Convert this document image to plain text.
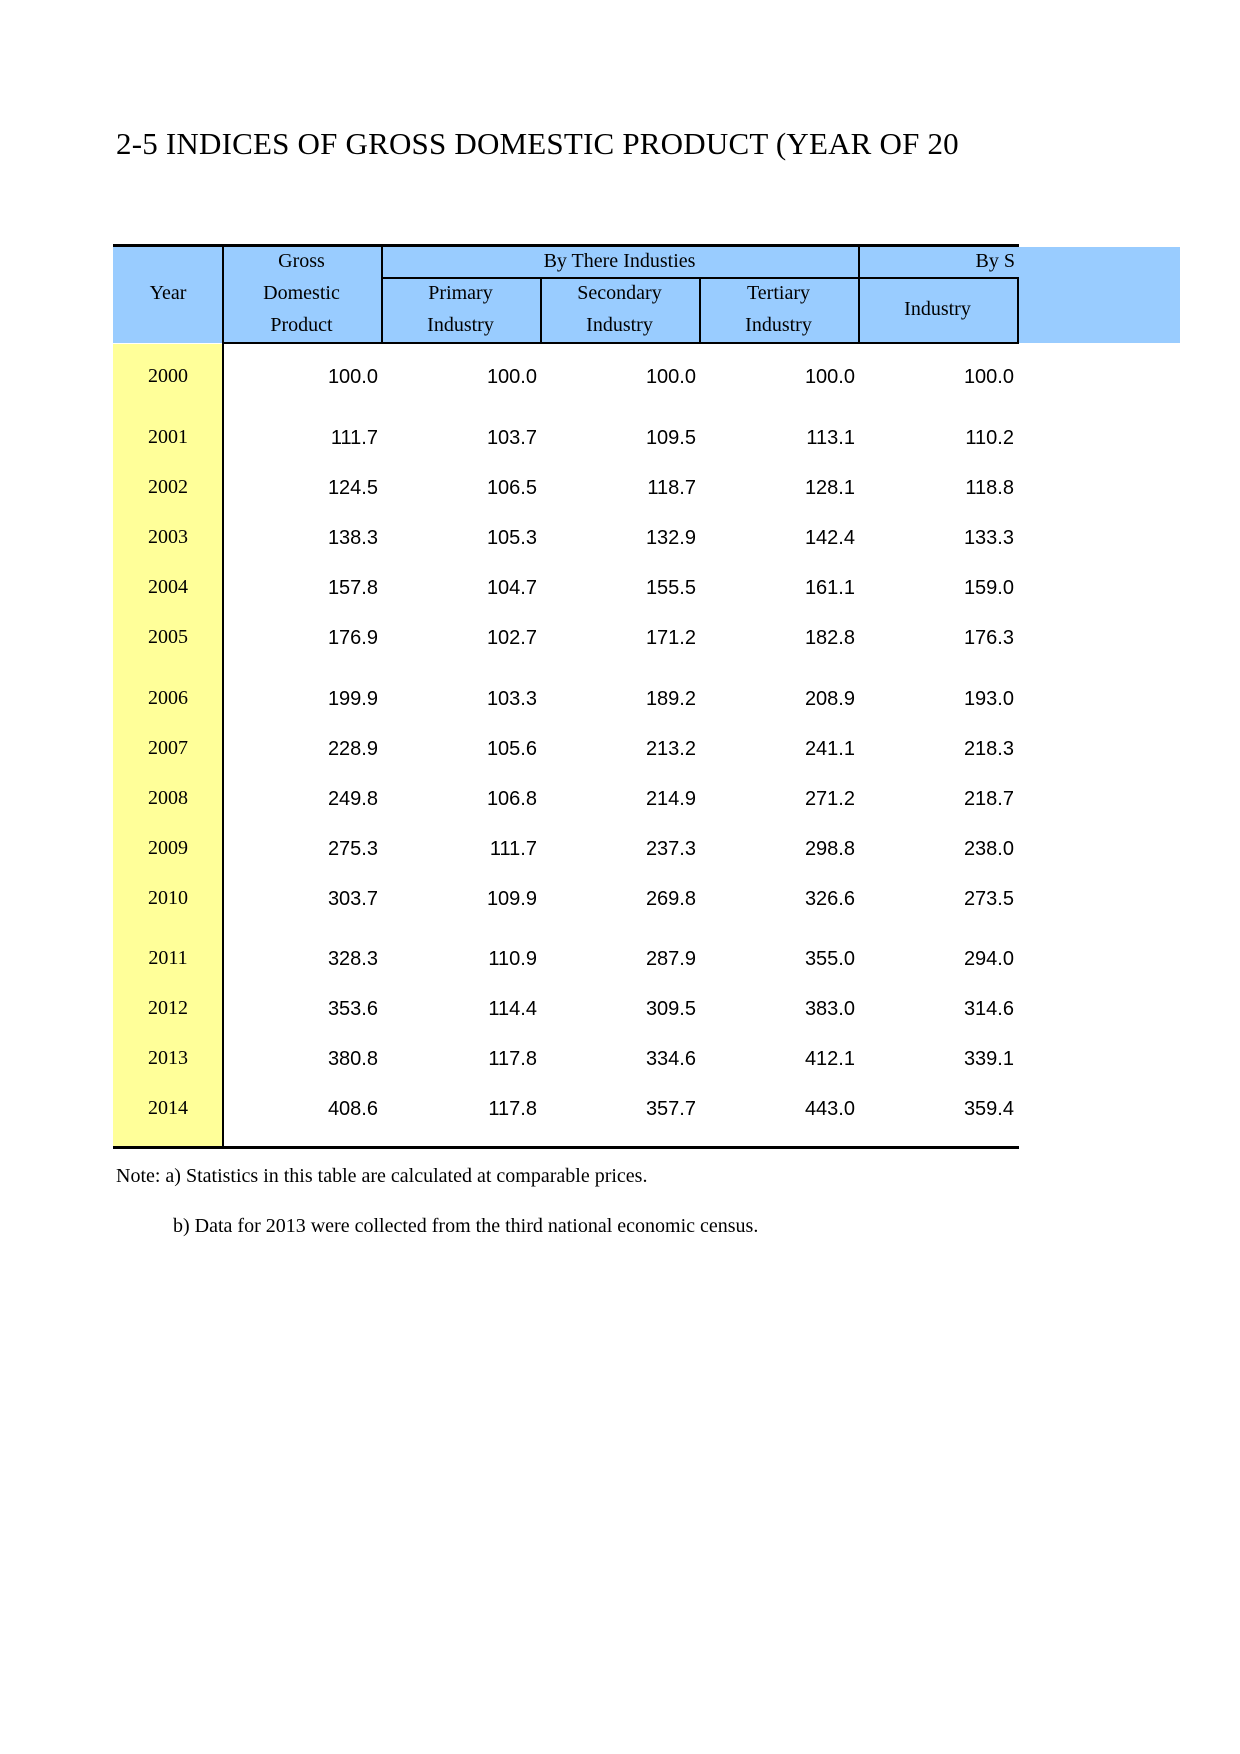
2-5 INDICES OF GROSS DOMESTIC PRODUCT (YEAR OF 20
Year
Gross
Domestic
Product
By There Industies	By S
Primary
Industry
Secondary
Industry
Tertiary
Industry
Industry
2000	100.0	100.0	100.0	100.0	100.0
2001	111.7	103.7	109.5	113.1	110.2
2002	124.5	106.5	118.7	128.1	118.8
2003	138.3	105.3	132.9	142.4	133.3
2004	157.8	104.7	155.5	161.1	159.0
2005	176.9	102.7	171.2	182.8	176.3
2006	199.9	103.3	189.2	208.9	193.0
2007	228.9	105.6	213.2	241.1	218.3
2008	249.8	106.8	214.9	271.2	218.7
2009	275.3	111.7	237.3	298.8	238.0
2010	303.7	109.9	269.8	326.6	273.5
2011	328.3	110.9	287.9	355.0	294.0
2012	353.6	114.4	309.5	383.0	314.6
2013	380.8	117.8	334.6	412.1	339.1
2014	408.6	117.8	357.7	443.0	359.4
Note: a) Statistics in this table are calculated at comparable prices.
b) Data for 2013 were collected from the third national economic census.
